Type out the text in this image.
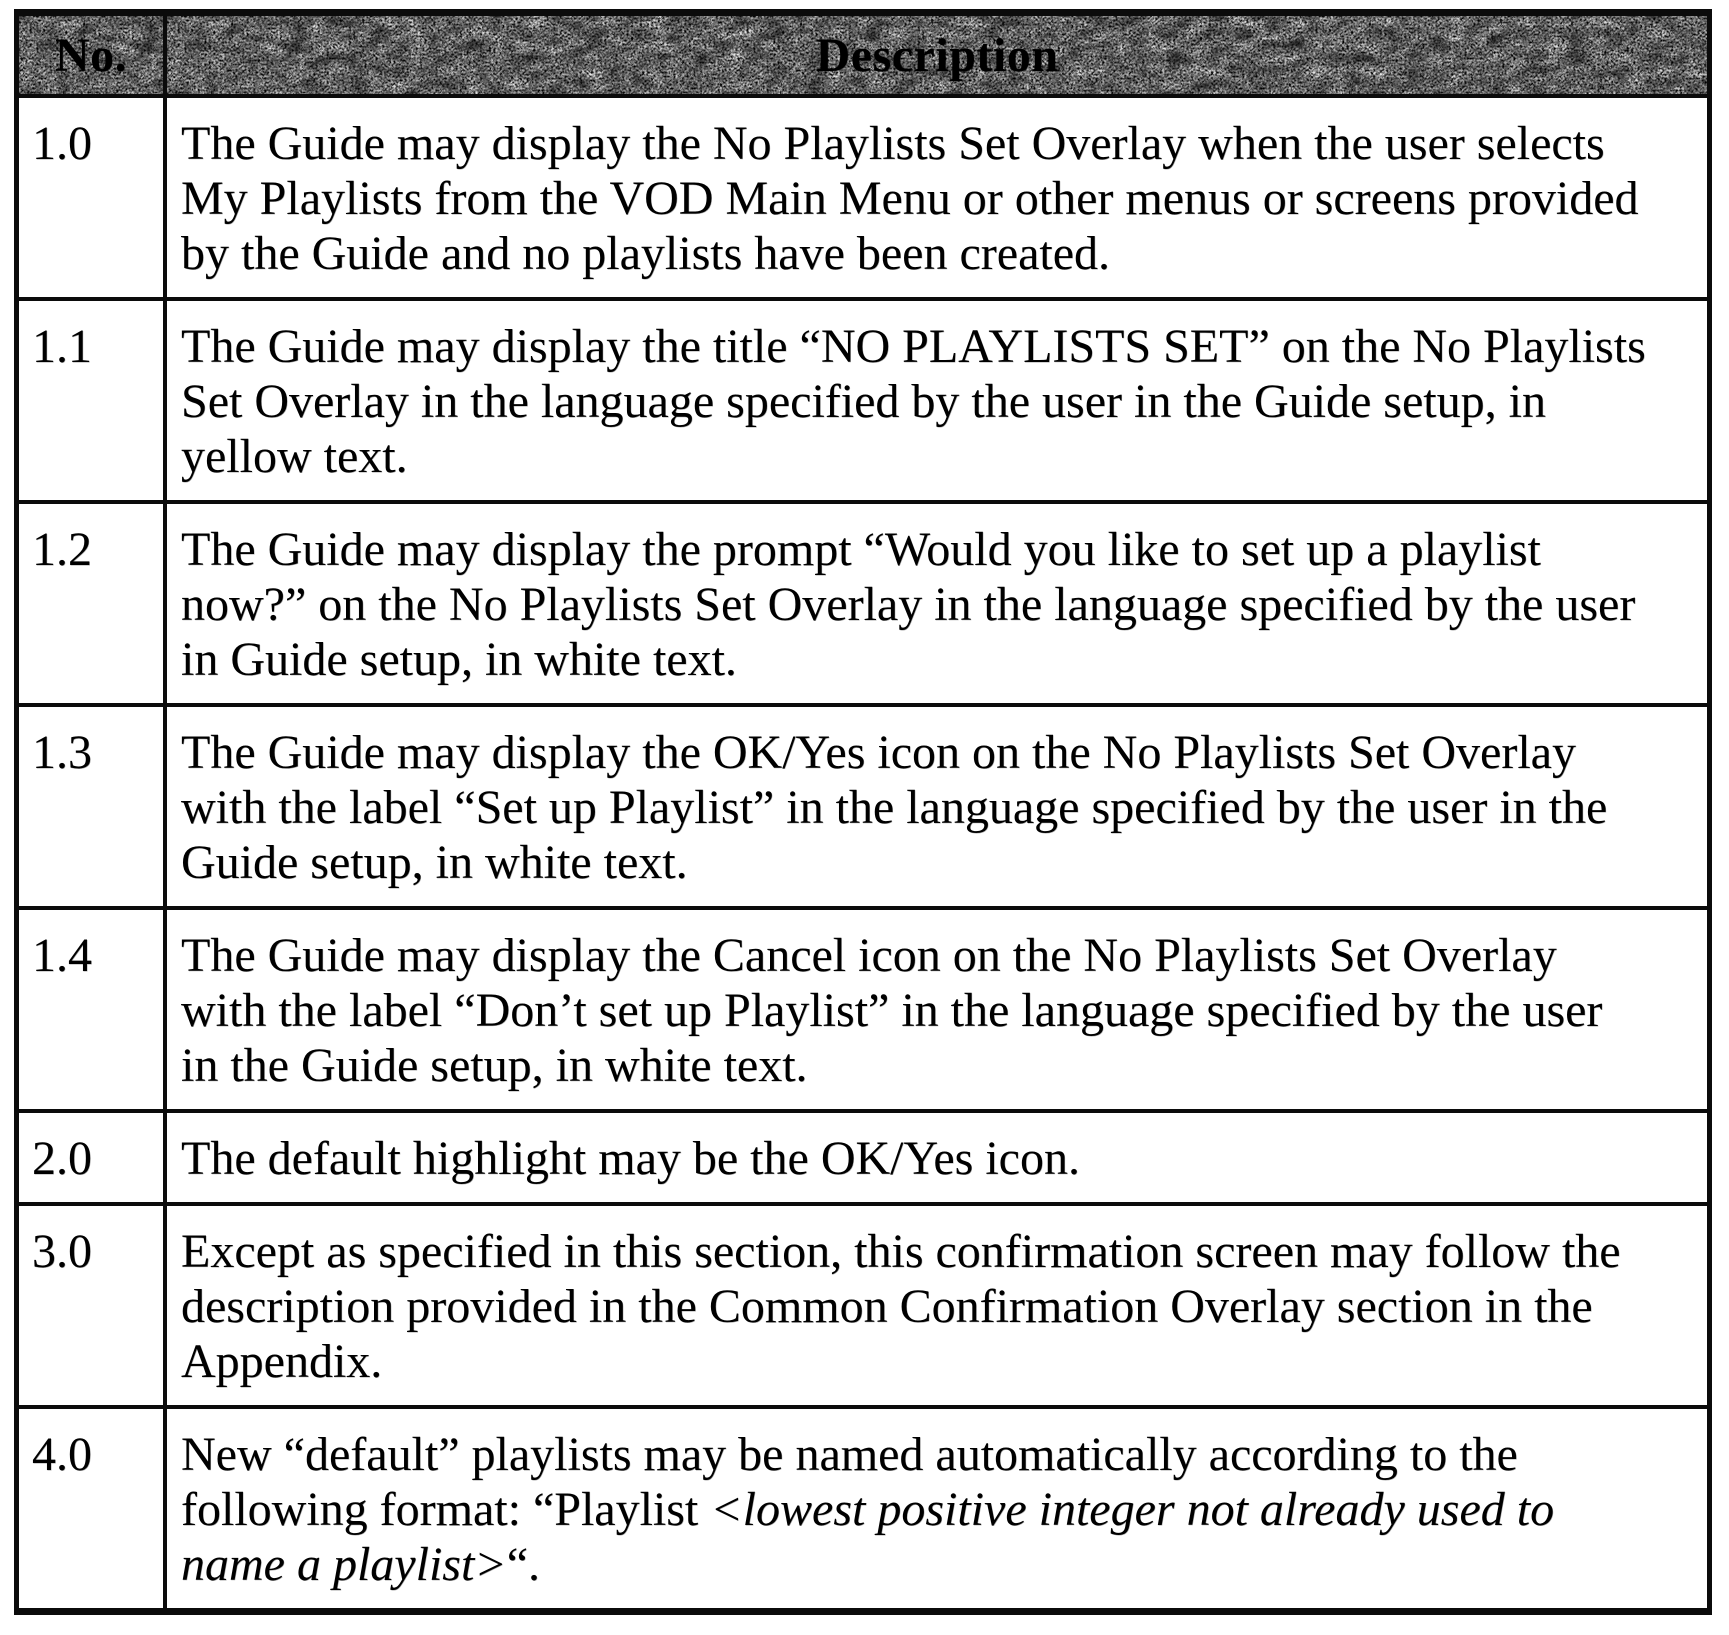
No.	Description
1.0	The Guide may display the No Playlists Set Overlay when the user selects My Playlists from the VOD Main Menu or other menus or screens provided by the Guide and no playlists have been created.
1.1	The Guide may display the title “NO PLAYLISTS SET” on the No Playlists Set Overlay in the language specified by the user in the Guide setup, in yellow text.
1.2	The Guide may display the prompt “Would you like to set up a playlist now?” on the No Playlists Set Overlay in the language specified by the user in Guide setup, in white text.
1.3	The Guide may display the OK/Yes icon on the No Playlists Set Overlay with the label “Set up Playlist” in the language specified by the user in the Guide setup, in white text.
1.4	The Guide may display the Cancel icon on the No Playlists Set Overlay with the label “Don’t set up Playlist” in the language specified by the user in the Guide setup, in white text.
2.0	The default highlight may be the OK/Yes icon.
3.0	Except as specified in this section, this confirmation screen may follow the description provided in the Common Confirmation Overlay section in the Appendix.
4.0	New “default” playlists may be named automatically according to the following format: “Playlist <lowest positive integer not already used to name a playlist>“.
